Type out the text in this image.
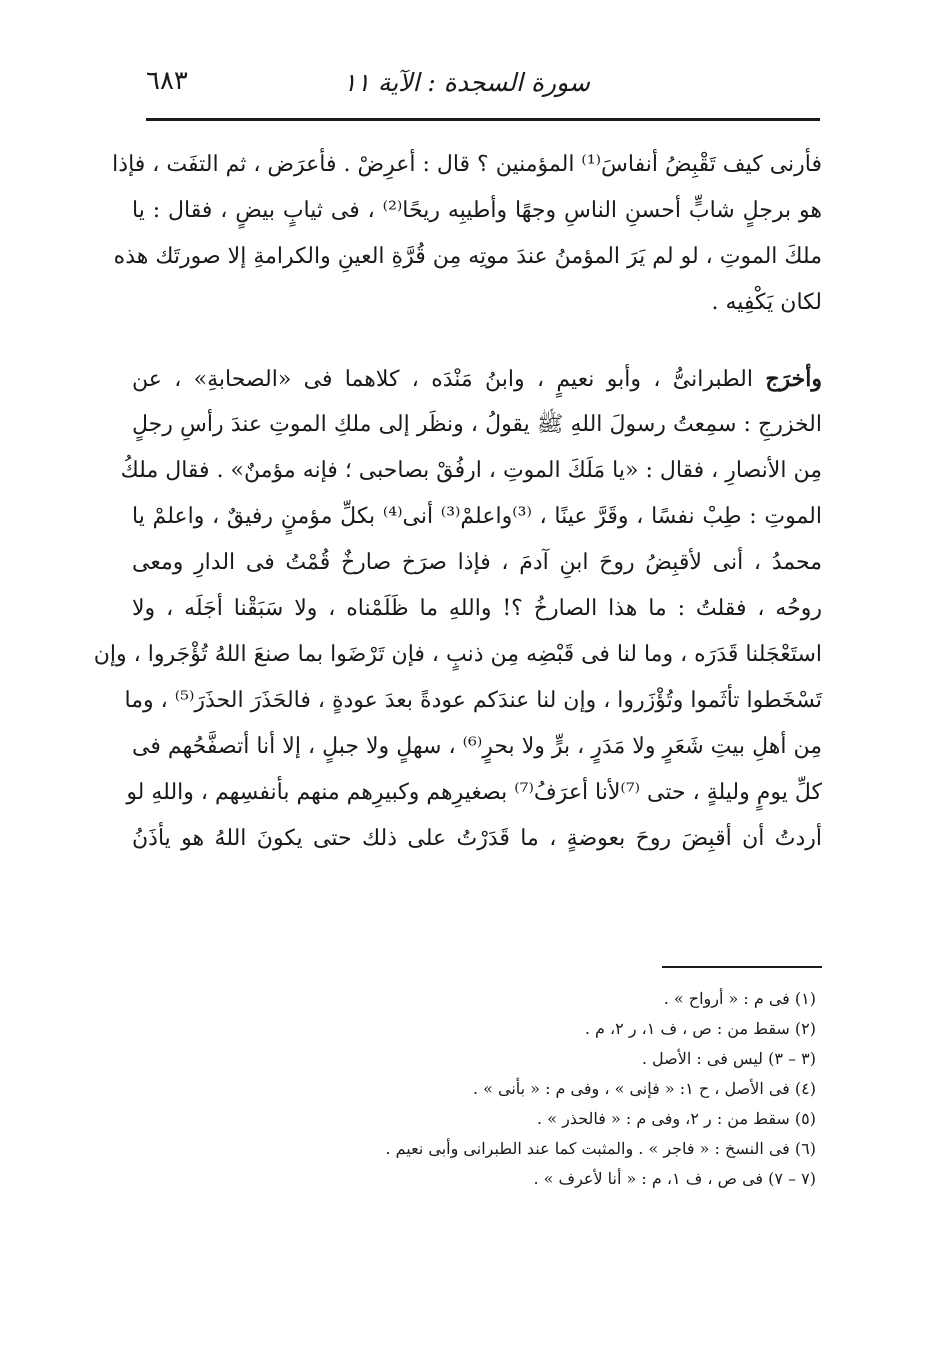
سورة السجدة : الآية ١١
٦٨٣
فأرنى كيف تَقْبِضُ أنفاسَ⁽¹⁾ المؤمنين ؟ قال : أعرِضْ . فأعرَض ، ثم التفَت ، فإذا
هو برجلٍ شابٍّ أحسنِ الناسِ وجهًا وأطيبِه ريحًا⁽²⁾ ، فى ثيابٍ بيضٍ ، فقال : يا
ملكَ الموتِ ، لو لم يَرَ المؤمنُ عندَ موتِه مِن قُرَّةِ العينِ والكرامةِ إلا صورتَك هذه
لكان يَكْفِيه .
وأخرَج الطبرانىُّ ، وأبو نعيمٍ ، وابنُ مَنْدَه ، كلاهما فى «الصحابةِ» ، عن
الخزرجِ : سمِعتُ رسولَ اللهِ ﷺ يقولُ ، ونظَر إلى ملكِ الموتِ عندَ رأسِ رجلٍ
مِن الأنصارِ ، فقال : «يا مَلَكَ الموتِ ، ارفُقْ بصاحبى ؛ فإنه مؤمنٌ» . فقال ملكُ
الموتِ : طِبْ نفسًا ، وقَرَّ عينًا ، ⁽³⁾واعلمْ⁽³⁾ أنى⁽⁴⁾ بكلِّ مؤمنٍ رفيقٌ ، واعلمْ يا
محمدُ ، أنى لأقبِضُ روحَ ابنِ آدمَ ، فإذا صرَخ صارخٌ قُمْتُ فى الدارِ ومعى
روحُه ، فقلتُ : ما هذا الصارخُ ؟! واللهِ ما ظَلَمْناه ، ولا سَبَقْنا أجَلَه ، ولا
استَعْجَلنا قَدَرَه ، وما لنا فى قَبْضِه مِن ذنبٍ ، فإن تَرْضَوا بما صنعَ اللهُ تُؤْجَروا ، وإن
تَسْخَطوا تأثَموا وتُؤْزَروا ، وإن لنا عندَكم عودةً بعدَ عودةٍ ، فالحَذَرَ الحذَرَ⁽⁵⁾ ، وما
مِن أهلِ بيتِ شَعَرٍ ولا مَدَرٍ ، برٍّ ولا بحرٍ⁽⁶⁾ ، سهلٍ ولا جبلٍ ، إلا أنا أتصفَّحُهم فى
كلِّ يومٍ وليلةٍ ، حتى ⁽⁷⁾لأنا أعرَفُ⁽⁷⁾ بصغيرِهم وكبيرِهم منهم بأنفسِهم ، واللهِ لو
أردتُ أن أقبِضَ روحَ بعوضةٍ ، ما قَدَرْتُ على ذلك حتى يكونَ اللهُ هو يأذَنُ
(١) فى م : « أرواح » .
(٢) سقط من : ص ، ف ١، ر ٢، م .
(٣ – ٣) ليس فى : الأصل .
(٤) فى الأصل ، ح ١: « فإنى » ، وفى م : « بأنى » .
(٥) سقط من : ر ٢، وفى م : « فالحذر » .
(٦) فى النسخ : « فاجر » . والمثبت كما عند الطبرانى وأبى نعيم .
(٧ – ٧) فى ص ، ف ١، م : « أنا لأعرف » .
